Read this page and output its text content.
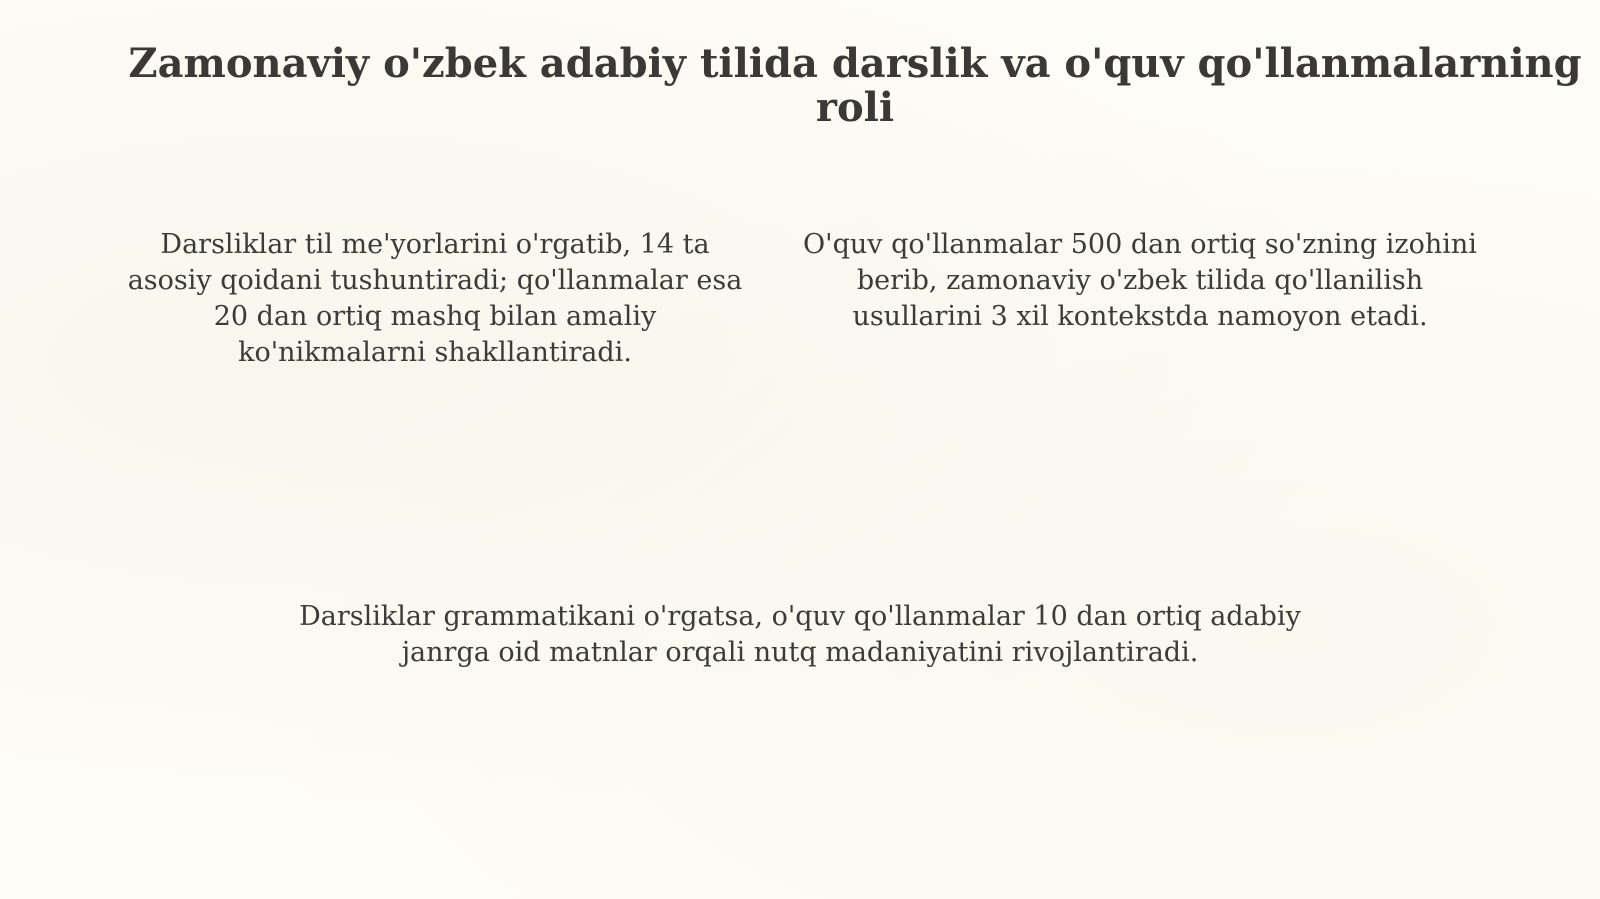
Zamonaviy o'zbek adabiy tilida darslik va o'quv qo'llanmalarning roli

Darsliklar til me'yorlarini o'rgatib, 14 ta asosiy qoidani tushuntiradi; qo'llanmalar esa 20 dan ortiq mashq bilan amaliy ko'nikmalarni shakllantiradi.

O'quv qo'llanmalar 500 dan ortiq so'zning izohini berib, zamonaviy o'zbek tilida qo'llanilish usullarini 3 xil kontekstda namoyon etadi.

Darsliklar grammatikani o'rgatsa, o'quv qo'llanmalar 10 dan ortiq adabiy janrga oid matnlar orqali nutq madaniyatini rivojlantiradi.
